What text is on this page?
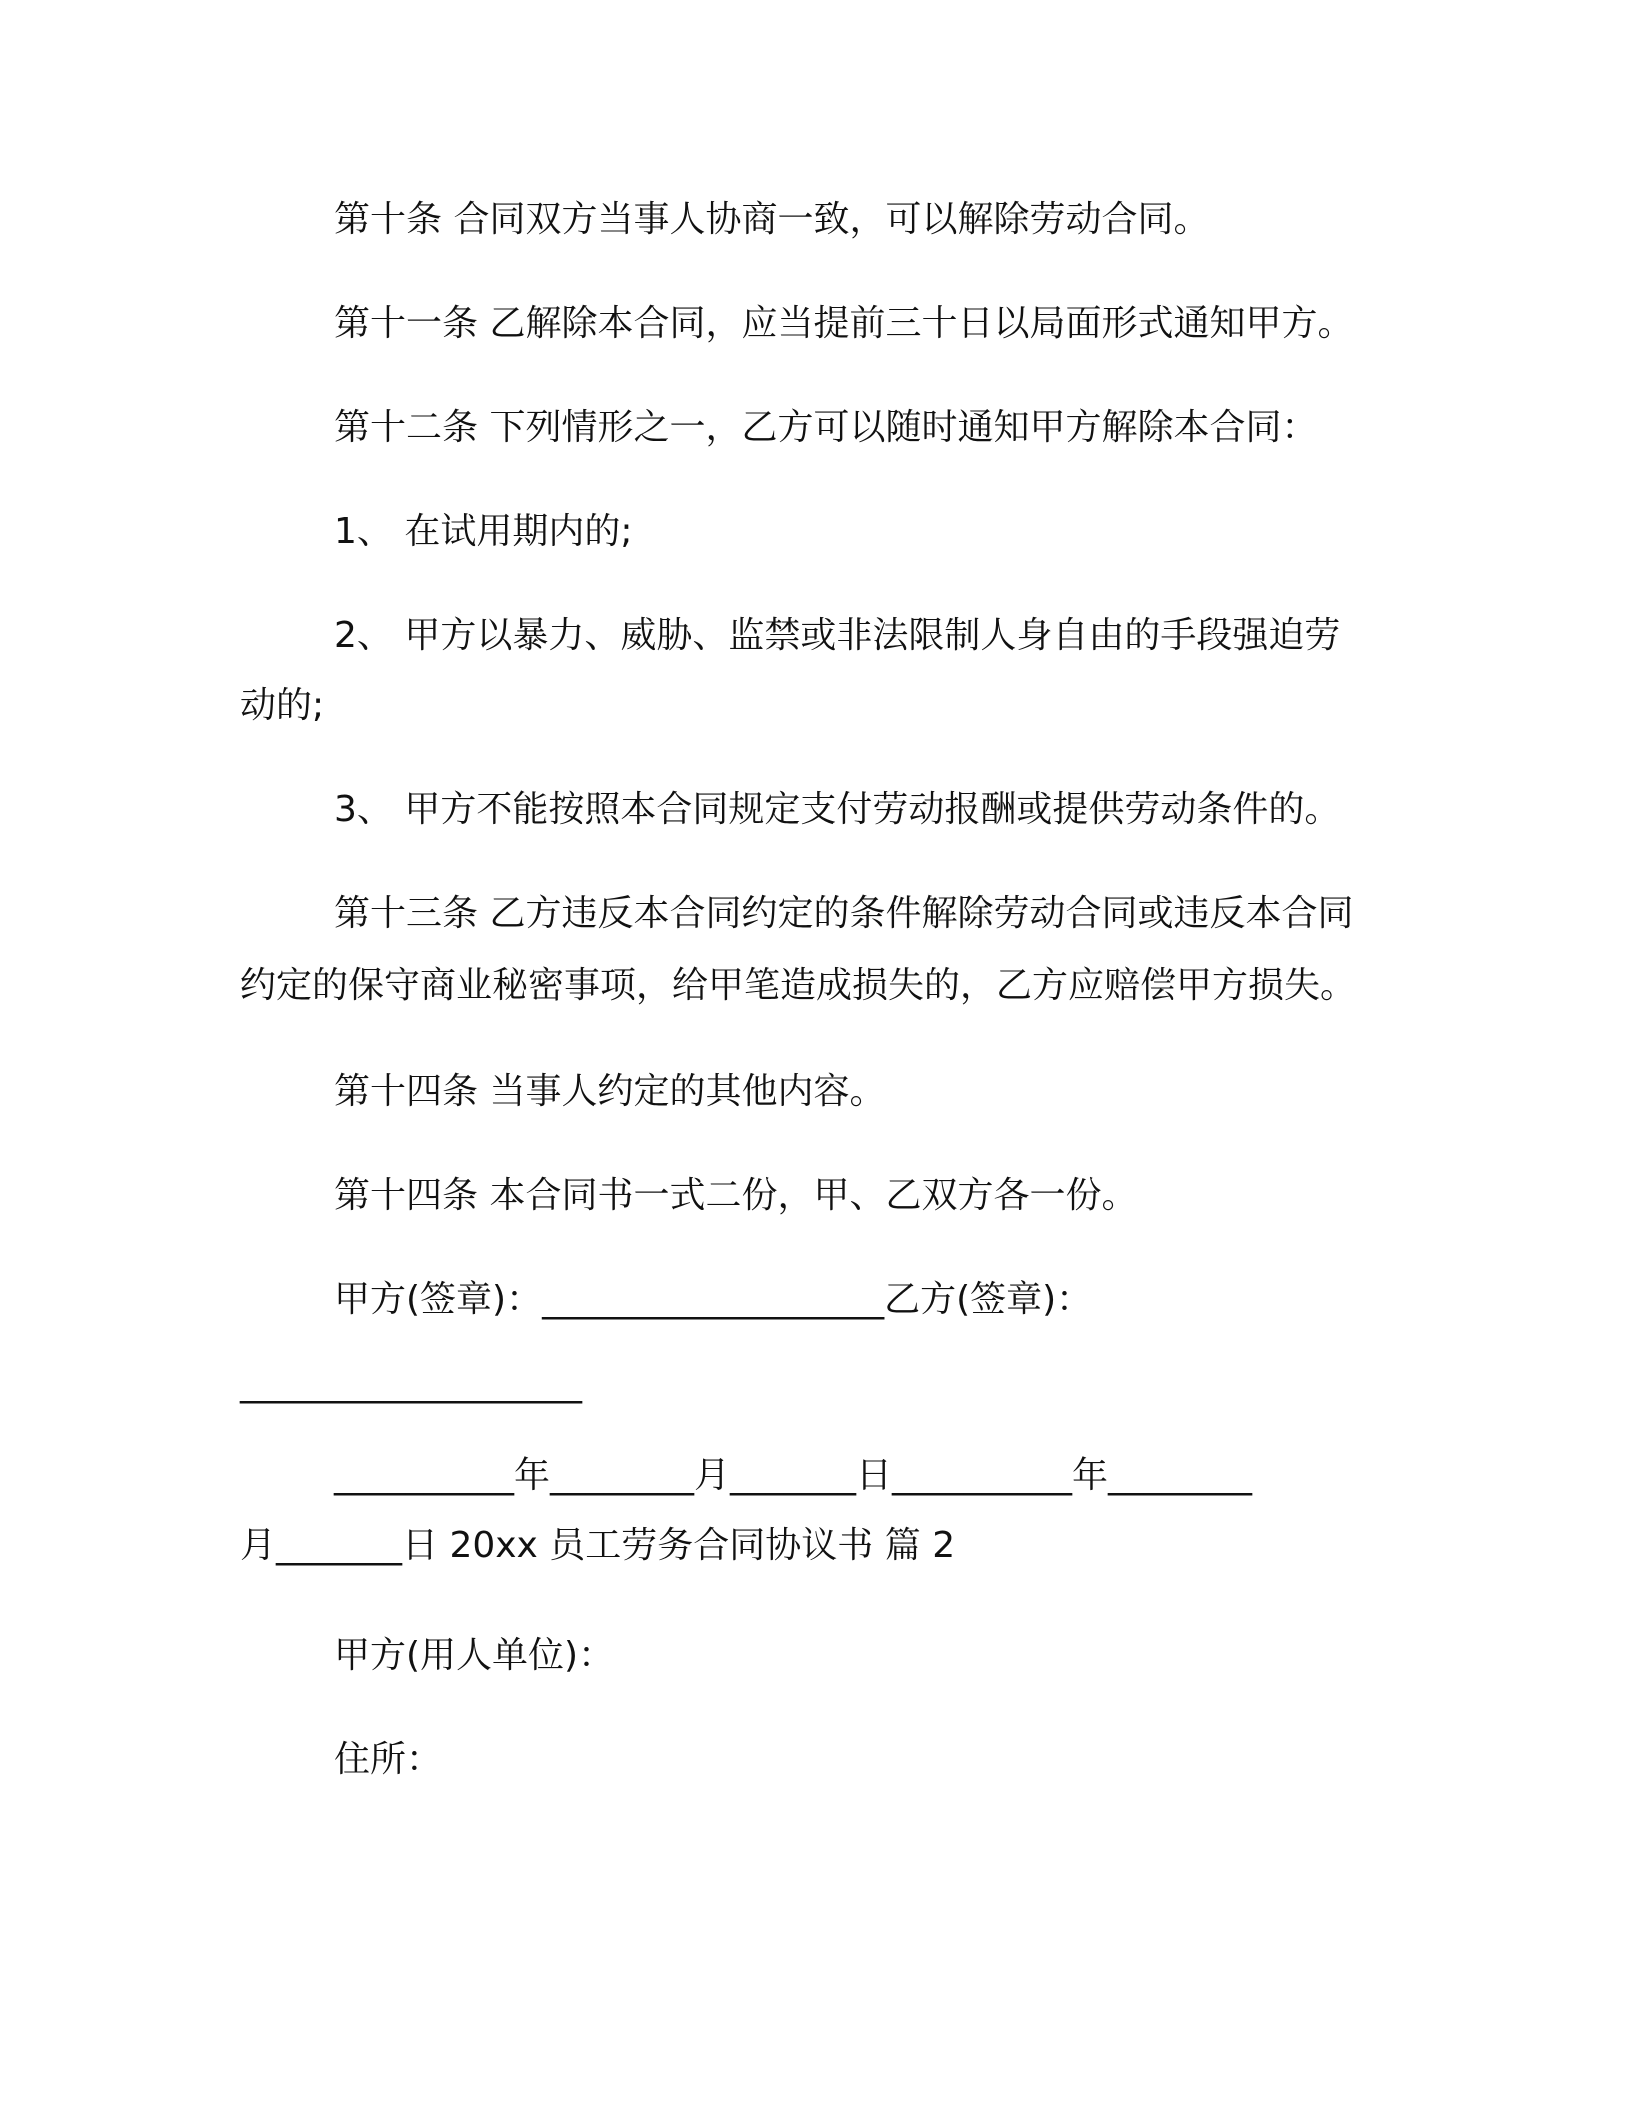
第十条 合同双方当事人协商一致，可以解除劳动合同。

第十一条 乙解除本合同，应当提前三十日以局面形式通知甲方。

第十二条 下列情形之一，乙方可以随时通知甲方解除本合同：

1、 在试用期内的;

2、 甲方以暴力、威胁、监禁或非法限制人身自由的手段强迫劳

动的;

3、 甲方不能按照本合同规定支付劳动报酬或提供劳动条件的。

第十三条 乙方违反本合同约定的条件解除劳动合同或违反本合同

约定的保守商业秘密事项，给甲笔造成损失的，乙方应赔偿甲方损失。

第十四条 当事人约定的其他内容。

第十四条 本合同书一式二份，甲、乙双方各一份。

甲方(签章)：___________________乙方(签章)：

___________________

__________年________月_______日__________年________

月_______日 20xx 员工劳务合同协议书 篇 2

甲方(用人单位)：

住所：
